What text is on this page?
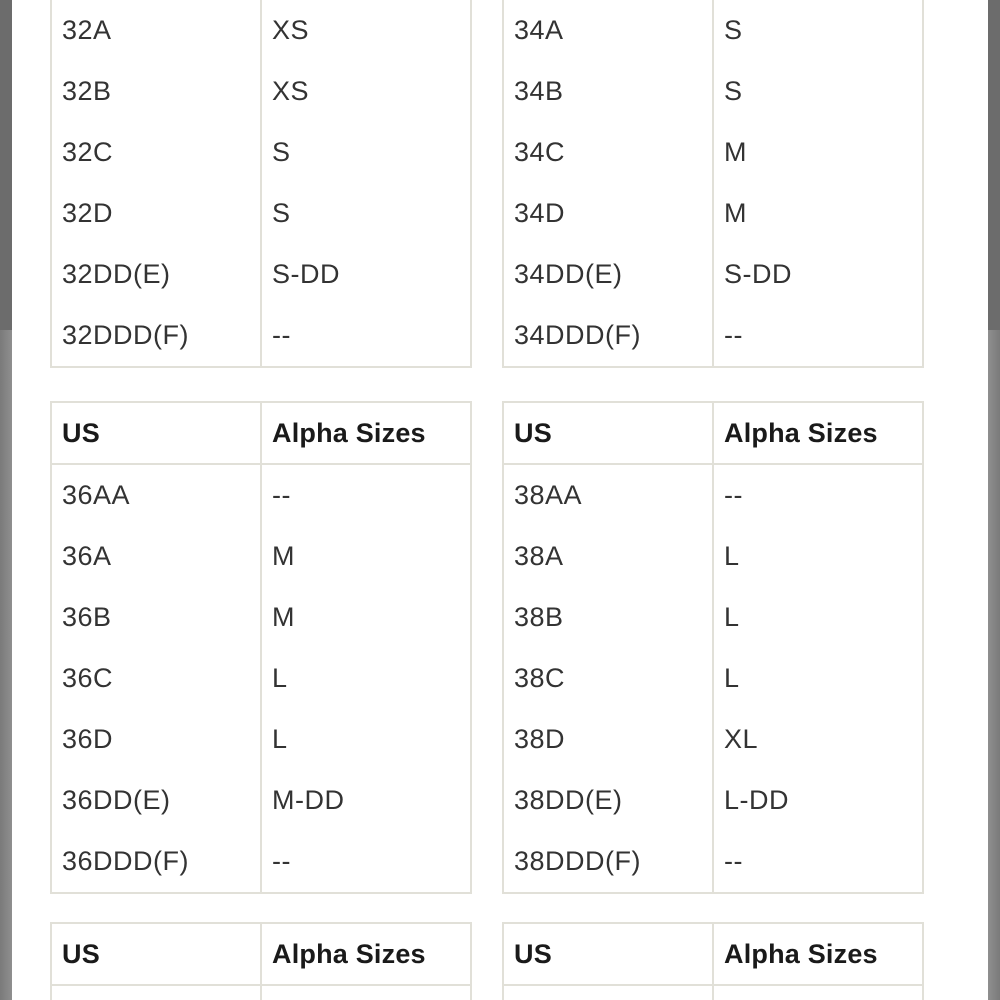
32A	XS
32B	XS
32C	S
32D	S
32DD(E)	S-DD
32DDD(F)	--
34A	S
34B	S
34C	M
34D	M
34DD(E)	S-DD
34DDD(F)	--
US	Alpha Sizes
36AA	--
36A	M
36B	M
36C	L
36D	L
36DD(E)	M-DD
36DDD(F)	--
US	Alpha Sizes
38AA	--
38A	L
38B	L
38C	L
38D	XL
38DD(E)	L-DD
38DDD(F)	--
US	Alpha Sizes
		US	Alpha Sizes
